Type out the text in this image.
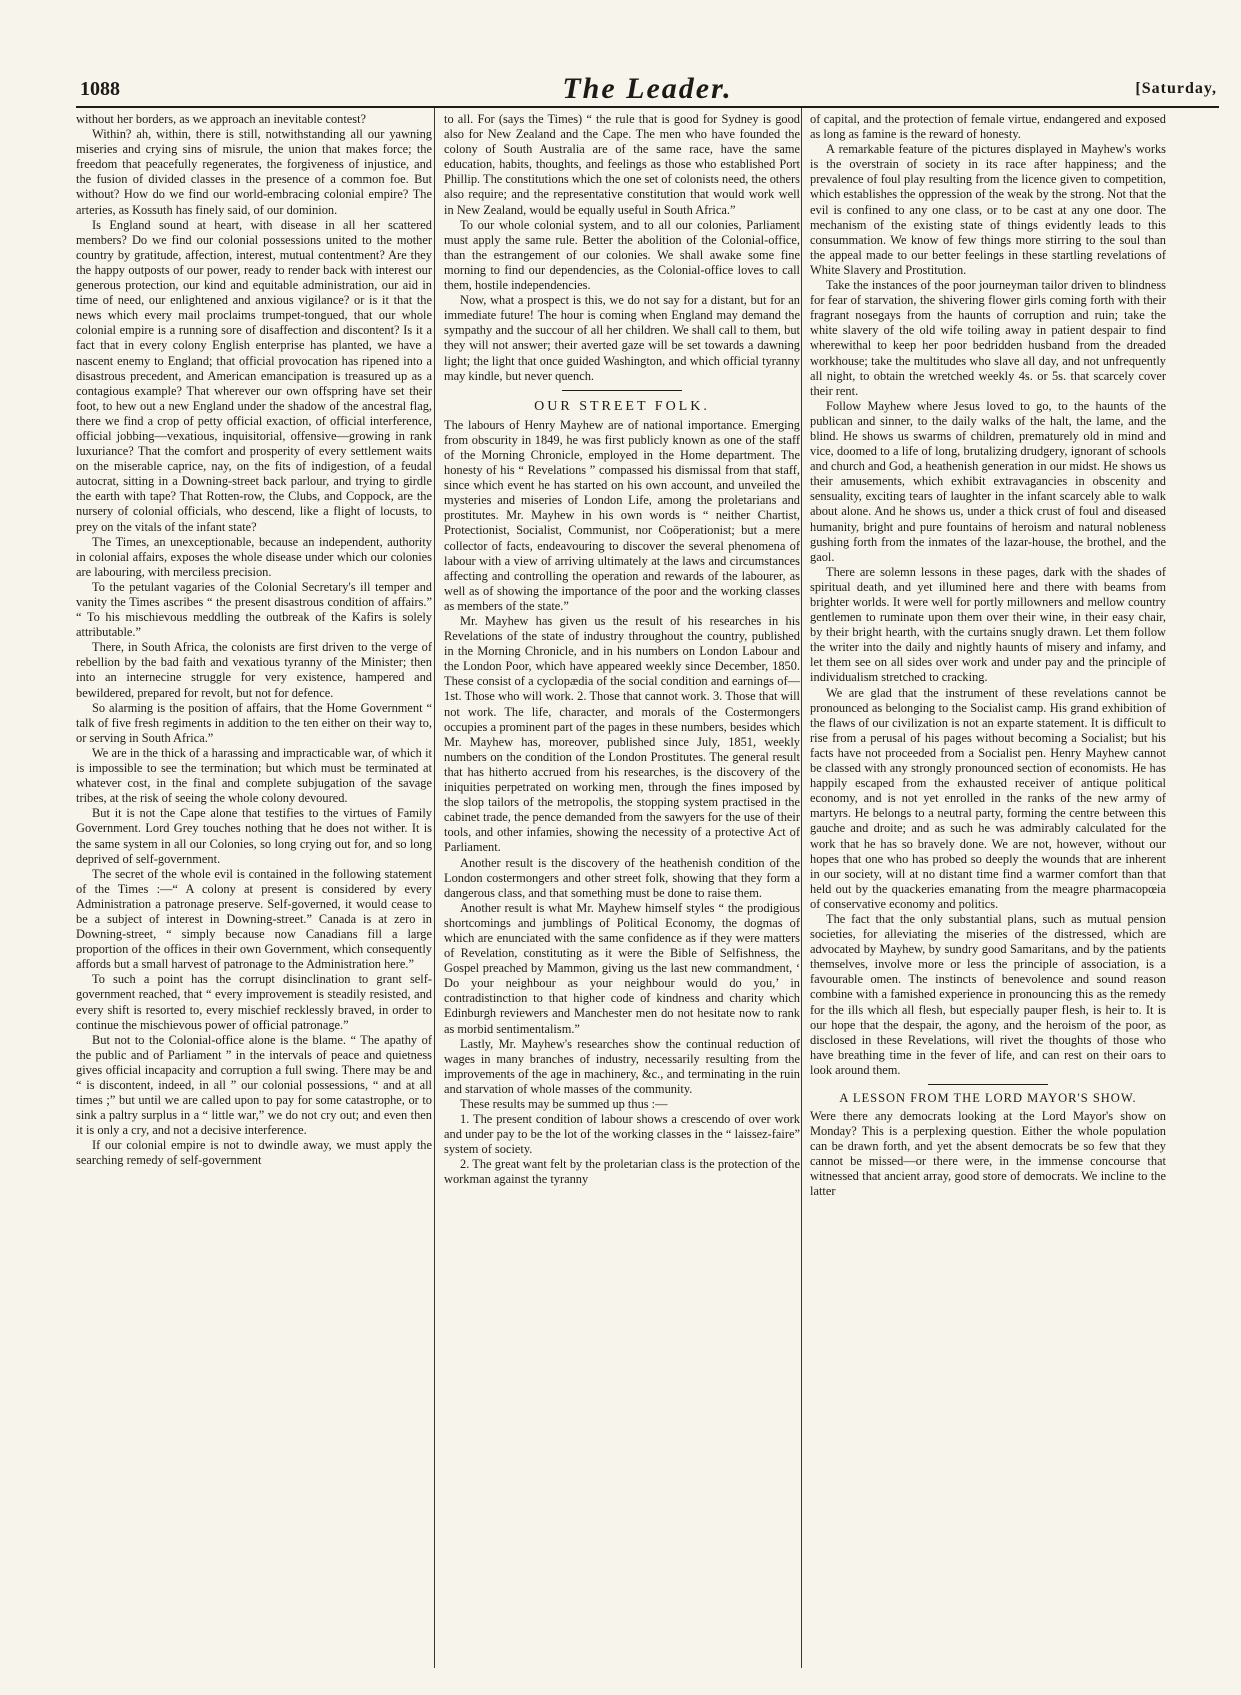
1088	The Leader.	[Saturday,

without her borders, as we approach an inevitable contest?

Within? ah, within, there is still, notwithstanding all our yawning miseries and crying sins of misrule, the union that makes force; the freedom that peacefully regenerates, the forgiveness of injustice, and the fusion of divided classes in the presence of a common foe. But without? How do we find our world-embracing colonial empire? The arteries, as Kossuth has finely said, of our dominion.

Is England sound at heart, with disease in all her scattered members? Do we find our colonial possessions united to the mother country by gratitude, affection, interest, mutual contentment? Are they the happy outposts of our power, ready to render back with interest our generous protection, our kind and equitable administration, our aid in time of need, our enlightened and anxious vigilance? or is it that the news which every mail proclaims trumpet-tongued, that our whole colonial empire is a running sore of disaffection and discontent? Is it a fact that in every colony English enterprise has planted, we have a nascent enemy to England; that official provocation has ripened into a disastrous precedent, and American emancipation is treasured up as a contagious example? That wherever our own offspring have set their foot, to hew out a new England under the shadow of the ancestral flag, there we find a crop of petty official exaction, of official interference, official jobbing—vexatious, inquisitorial, offensive—growing in rank luxuriance? That the comfort and prosperity of every settlement waits on the miserable caprice, nay, on the fits of indigestion, of a feudal autocrat, sitting in a Downing-street back parlour, and trying to girdle the earth with tape? That Rotten-row, the Clubs, and Coppock, are the nursery of colonial officials, who descend, like a flight of locusts, to prey on the vitals of the infant state?

The Times, an unexceptionable, because an independent, authority in colonial affairs, exposes the whole disease under which our colonies are labouring, with merciless precision.

To the petulant vagaries of the Colonial Secretary's ill temper and vanity the Times ascribes “ the present disastrous condition of affairs.” “ To his mischievous meddling the outbreak of the Kafirs is solely attributable.”

There, in South Africa, the colonists are first driven to the verge of rebellion by the bad faith and vexatious tyranny of the Minister; then into an internecine struggle for very existence, hampered and bewildered, prepared for revolt, but not for defence.

So alarming is the position of affairs, that the Home Government “ talk of five fresh regiments in addition to the ten either on their way to, or serving in South Africa.”

We are in the thick of a harassing and impracticable war, of which it is impossible to see the termination; but which must be terminated at whatever cost, in the final and complete subjugation of the savage tribes, at the risk of seeing the whole colony devoured.

But it is not the Cape alone that testifies to the virtues of Family Government. Lord Grey touches nothing that he does not wither. It is the same system in all our Colonies, so long crying out for, and so long deprived of self-government.

The secret of the whole evil is contained in the following statement of the Times :—“ A colony at present is considered by every Administration a patronage preserve. Self-governed, it would cease to be a subject of interest in Downing-street.” Canada is at zero in Downing-street, “ simply because now Canadians fill a large proportion of the offices in their own Government, which consequently affords but a small harvest of patronage to the Administration here.”

To such a point has the corrupt disinclination to grant self-government reached, that “ every improvement is steadily resisted, and every shift is resorted to, every mischief recklessly braved, in order to continue the mischievous power of official patronage.”

But not to the Colonial-office alone is the blame. “ The apathy of the public and of Parliament ” in the intervals of peace and quietness gives official incapacity and corruption a full swing. There may be and “ is discontent, indeed, in all ” our colonial possessions, “ and at all times ;” but until we are called upon to pay for some catastrophe, or to sink a paltry surplus in a “ little war,” we do not cry out; and even then it is only a cry, and not a decisive interference.

If our colonial empire is not to dwindle away, we must apply the searching remedy of self-government

to all. For (says the Times) “ the rule that is good for Sydney is good also for New Zealand and the Cape. The men who have founded the colony of South Australia are of the same race, have the same education, habits, thoughts, and feelings as those who established Port Phillip. The constitutions which the one set of colonists need, the others also require; and the representative constitution that would work well in New Zealand, would be equally useful in South Africa.”

To our whole colonial system, and to all our colonies, Parliament must apply the same rule. Better the abolition of the Colonial-office, than the estrangement of our colonies. We shall awake some fine morning to find our dependencies, as the Colonial-office loves to call them, hostile independencies.

Now, what a prospect is this, we do not say for a distant, but for an immediate future! The hour is coming when England may demand the sympathy and the succour of all her children. We shall call to them, but they will not answer; their averted gaze will be set towards a dawning light; the light that once guided Washington, and which official tyranny may kindle, but never quench.

OUR STREET FOLK.

The labours of Henry Mayhew are of national importance. Emerging from obscurity in 1849, he was first publicly known as one of the staff of the Morning Chronicle, employed in the Home department. The honesty of his “ Revelations ” compassed his dismissal from that staff, since which event he has started on his own account, and unveiled the mysteries and miseries of London Life, among the proletarians and prostitutes. Mr. Mayhew in his own words is “ neither Chartist, Protectionist, Socialist, Communist, nor Coöperationist; but a mere collector of facts, endeavouring to discover the several phenomena of labour with a view of arriving ultimately at the laws and circumstances affecting and controlling the operation and rewards of the labourer, as well as of showing the importance of the poor and the working classes as members of the state.”

Mr. Mayhew has given us the result of his researches in his Revelations of the state of industry throughout the country, published in the Morning Chronicle, and in his numbers on London Labour and the London Poor, which have appeared weekly since December, 1850. These consist of a cyclopædia of the social condition and earnings of—1st. Those who will work. 2. Those that cannot work. 3. Those that will not work. The life, character, and morals of the Costermongers occupies a prominent part of the pages in these numbers, besides which Mr. Mayhew has, moreover, published since July, 1851, weekly numbers on the condition of the London Prostitutes. The general result that has hitherto accrued from his researches, is the discovery of the iniquities perpetrated on working men, through the fines imposed by the slop tailors of the metropolis, the stopping system practised in the cabinet trade, the pence demanded from the sawyers for the use of their tools, and other infamies, showing the necessity of a protective Act of Parliament.

Another result is the discovery of the heathenish condition of the London costermongers and other street folk, showing that they form a dangerous class, and that something must be done to raise them.

Another result is what Mr. Mayhew himself styles “ the prodigious shortcomings and jumblings of Political Economy, the dogmas of which are enunciated with the same confidence as if they were matters of Revelation, constituting as it were the Bible of Selfishness, the Gospel preached by Mammon, giving us the last new commandment, ‘ Do your neighbour as your neighbour would do you,’ in contradistinction to that higher code of kindness and charity which Edinburgh reviewers and Manchester men do not hesitate now to rank as morbid sentimentalism.”

Lastly, Mr. Mayhew's researches show the continual reduction of wages in many branches of industry, necessarily resulting from the improvements of the age in machinery, &c., and terminating in the ruin and starvation of whole masses of the community.

These results may be summed up thus :—

1. The present condition of labour shows a crescendo of over work and under pay to be the lot of the working classes in the “ laissez-faire” system of society.

2. The great want felt by the proletarian class is the protection of the workman against the tyranny

of capital, and the protection of female virtue, endangered and exposed as long as famine is the reward of honesty.

A remarkable feature of the pictures displayed in Mayhew's works is the overstrain of society in its race after happiness; and the prevalence of foul play resulting from the licence given to competition, which establishes the oppression of the weak by the strong. Not that the evil is confined to any one class, or to be cast at any one door. The mechanism of the existing state of things evidently leads to this consummation. We know of few things more stirring to the soul than the appeal made to our better feelings in these startling revelations of White Slavery and Prostitution.

Take the instances of the poor journeyman tailor driven to blindness for fear of starvation, the shivering flower girls coming forth with their fragrant nosegays from the haunts of corruption and ruin; take the white slavery of the old wife toiling away in patient despair to find wherewithal to keep her poor bedridden husband from the dreaded workhouse; take the multitudes who slave all day, and not unfrequently all night, to obtain the wretched weekly 4s. or 5s. that scarcely cover their rent.

Follow Mayhew where Jesus loved to go, to the haunts of the publican and sinner, to the daily walks of the halt, the lame, and the blind. He shows us swarms of children, prematurely old in mind and vice, doomed to a life of long, brutalizing drudgery, ignorant of schools and church and God, a heathenish generation in our midst. He shows us their amusements, which exhibit extravagancies in obscenity and sensuality, exciting tears of laughter in the infant scarcely able to walk about alone. And he shows us, under a thick crust of foul and diseased humanity, bright and pure fountains of heroism and natural nobleness gushing forth from the inmates of the lazar-house, the brothel, and the gaol.

There are solemn lessons in these pages, dark with the shades of spiritual death, and yet illumined here and there with beams from brighter worlds. It were well for portly millowners and mellow country gentlemen to ruminate upon them over their wine, in their easy chair, by their bright hearth, with the curtains snugly drawn. Let them follow the writer into the daily and nightly haunts of misery and infamy, and let them see on all sides over work and under pay and the principle of individualism stretched to cracking.

We are glad that the instrument of these revelations cannot be pronounced as belonging to the Socialist camp. His grand exhibition of the flaws of our civilization is not an exparte statement. It is difficult to rise from a perusal of his pages without becoming a Socialist; but his facts have not proceeded from a Socialist pen. Henry Mayhew cannot be classed with any strongly pronounced section of economists. He has happily escaped from the exhausted receiver of antique political economy, and is not yet enrolled in the ranks of the new army of martyrs. He belongs to a neutral party, forming the centre between this gauche and droite; and as such he was admirably calculated for the work that he has so bravely done. We are not, however, without our hopes that one who has probed so deeply the wounds that are inherent in our society, will at no distant time find a warmer comfort than that held out by the quackeries emanating from the meagre pharmacopœia of conservative economy and politics.

The fact that the only substantial plans, such as mutual pension societies, for alleviating the miseries of the distressed, which are advocated by Mayhew, by sundry good Samaritans, and by the patients themselves, involve more or less the principle of association, is a favourable omen. The instincts of benevolence and sound reason combine with a famished experience in pronouncing this as the remedy for the ills which all flesh, but especially pauper flesh, is heir to. It is our hope that the despair, the agony, and the heroism of the poor, as disclosed in these Revelations, will rivet the thoughts of those who have breathing time in the fever of life, and can rest on their oars to look around them.

A LESSON FROM THE LORD MAYOR'S SHOW.

Were there any democrats looking at the Lord Mayor's show on Monday? This is a perplexing question. Either the whole population can be drawn forth, and yet the absent democrats be so few that they cannot be missed—or there were, in the immense concourse that witnessed that ancient array, good store of democrats. We incline to the latter
